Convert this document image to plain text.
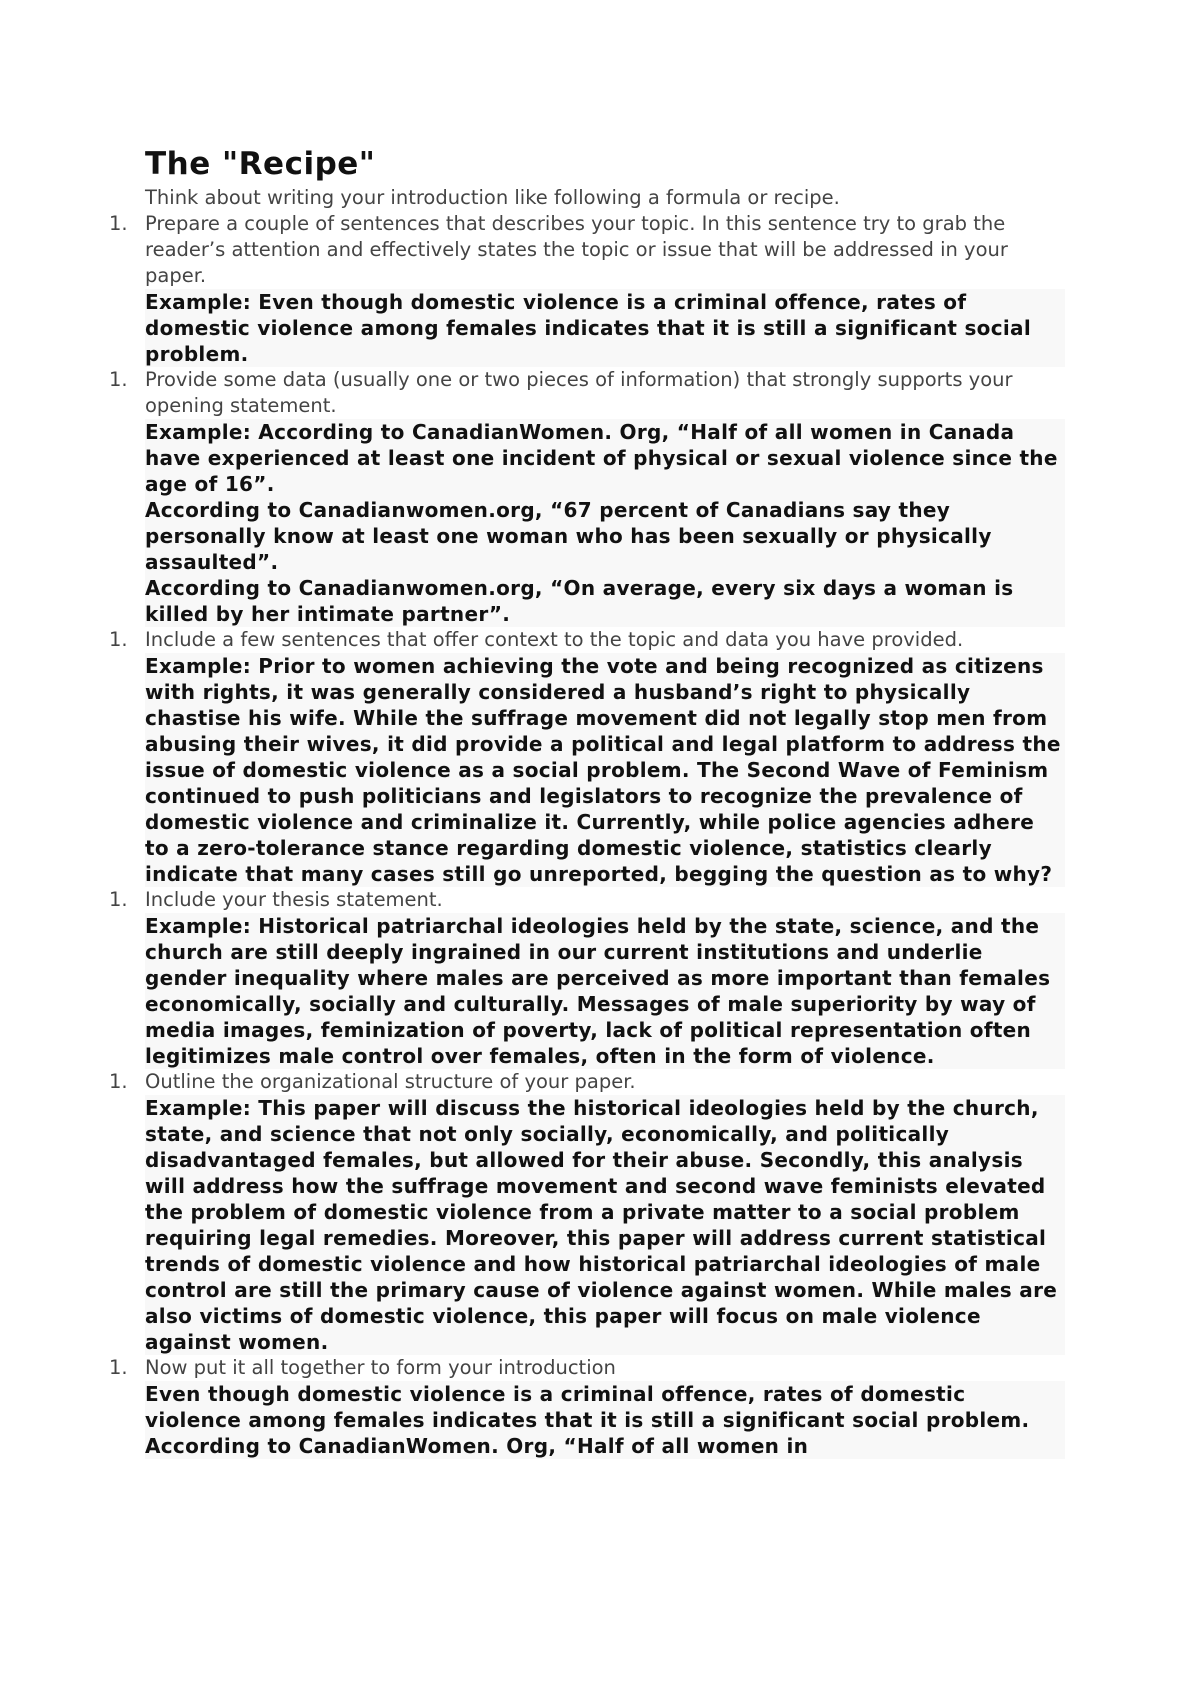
The "Recipe"
Think about writing your introduction like following a formula or recipe.
1. Prepare a couple of sentences that describes your topic. In this sentence try to grab the reader’s attention and effectively states the topic or issue that will be addressed in your paper.

Example: Even though domestic violence is a criminal offence, rates of domestic violence among females indicates that it is still a significant social problem.

1. Provide some data (usually one or two pieces of information) that strongly supports your opening statement.

Example: According to CanadianWomen. Org, “Half of all women in Canada have experienced at least one incident of physical or sexual violence since the age of 16”.

According to Canadianwomen.org, “67 percent of Canadians say they personally know at least one woman who has been sexually or physically assaulted”.

According to Canadianwomen.org, “On average, every six days a woman is killed by her intimate partner”.

1. Include a few sentences that offer context to the topic and data you have provided.

Example: Prior to women achieving the vote and being recognized as citizens with rights, it was generally considered a husband’s right to physically chastise his wife. While the suffrage movement did not legally stop men from abusing their wives, it did provide a political and legal platform to address the issue of domestic violence as a social problem. The Second Wave of Feminism continued to push politicians and legislators to recognize the prevalence of domestic violence and criminalize it. Currently, while police agencies adhere to a zero-tolerance stance regarding domestic violence, statistics clearly indicate that many cases still go unreported, begging the question as to why?

1. Include your thesis statement.

Example: Historical patriarchal ideologies held by the state, science, and the church are still deeply ingrained in our current institutions and underlie gender inequality where males are perceived as more important than females economically, socially and culturally. Messages of male superiority by way of media images, feminization of poverty, lack of political representation often legitimizes male control over females, often in the form of violence.

1. Outline the organizational structure of your paper.

Example: This paper will discuss the historical ideologies held by the church, state, and science that not only socially, economically, and politically disadvantaged females, but allowed for their abuse. Secondly, this analysis will address how the suffrage movement and second wave feminists elevated the problem of domestic violence from a private matter to a social problem requiring legal remedies. Moreover, this paper will address current statistical trends of domestic violence and how historical patriarchal ideologies of male control are still the primary cause of violence against women. While males are also victims of domestic violence, this paper will focus on male violence against women.

1. Now put it all together to form your introduction

Even though domestic violence is a criminal offence, rates of domestic violence among females indicates that it is still a significant social problem. According to CanadianWomen. Org, “Half of all women in
